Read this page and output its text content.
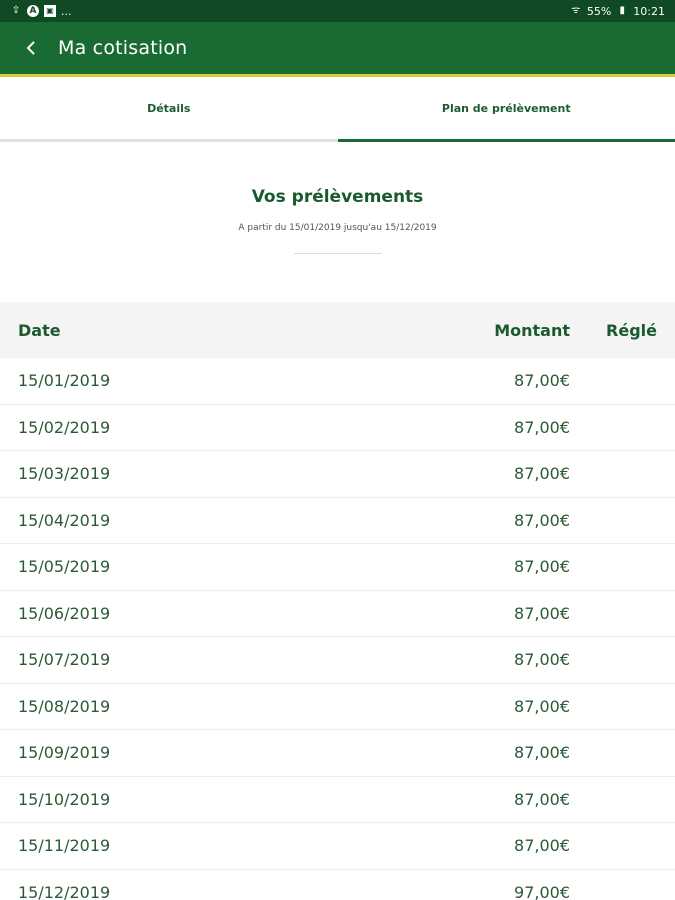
⇪ A	▣ ...	ᯤ 55% ▮ 10:21
Ma cotisation
Détails	Plan de prélèvement
Vos prélèvements
A partir du 15/01/2019 jusqu'au 15/12/2019
Date	Montant	Réglé
15/01/2019	87,00€
15/02/2019	87,00€
15/03/2019	87,00€
15/04/2019	87,00€
15/05/2019	87,00€
15/06/2019	87,00€
15/07/2019	87,00€
15/08/2019	87,00€
15/09/2019	87,00€
15/10/2019	87,00€
15/11/2019	87,00€
15/12/2019	97,00€
